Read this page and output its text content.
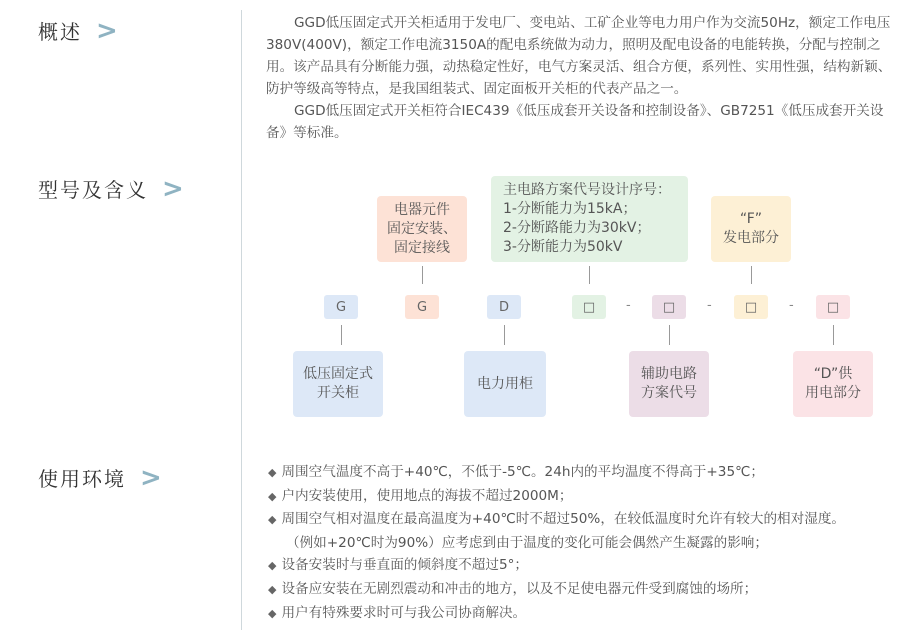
概述 >
型号及含义 >
使用环境 >

GGD低压固定式开关柜适用于发电厂、变电站、工矿企业等电力用户作为交流50Hz，额定工作电压380V(400V)，额定工作电流3150A的配电系统做为动力，照明及配电设备的电能转换，分配与控制之用。该产品具有分断能力强，动热稳定性好，电气方案灵活、组合方便，系列性、实用性强，结构新颖、防护等级高等特点，是我国组装式、固定面板开关柜的代表产品之一。

GGD低压固定式开关柜符合IEC439《低压成套开关设备和控制设备》、GB7251《低压成套开关设备》等标准。

电器元件
固定安装、
固定接线
主电路方案代号设计序号：
1-分断能力为15kA；
2-分断路能力为30kV；
3-分断能力为50kV
“F”
发电部分
G	G	D	□	-	□	-	□	-	□
低压固定式
开关柜
电力用柜
辅助电路
方案代号
“D”供
用电部分
◆ 周围空气温度不高于+40℃，不低于-5℃。24h内的平均温度不得高于+35℃；
◆ 户内安装使用，使用地点的海拔不超过2000M；
◆ 周围空气相对温度在最高温度为+40℃时不超过50%，在较低温度时允许有较大的相对湿度。
（例如+20℃时为90%）应考虑到由于温度的变化可能会偶然产生凝露的影响；
◆ 设备安装时与垂直面的倾斜度不超过5°；
◆ 设备应安装在无剧烈震动和冲击的地方，以及不足使电器元件受到腐蚀的场所；
◆ 用户有特殊要求时可与我公司协商解决。
